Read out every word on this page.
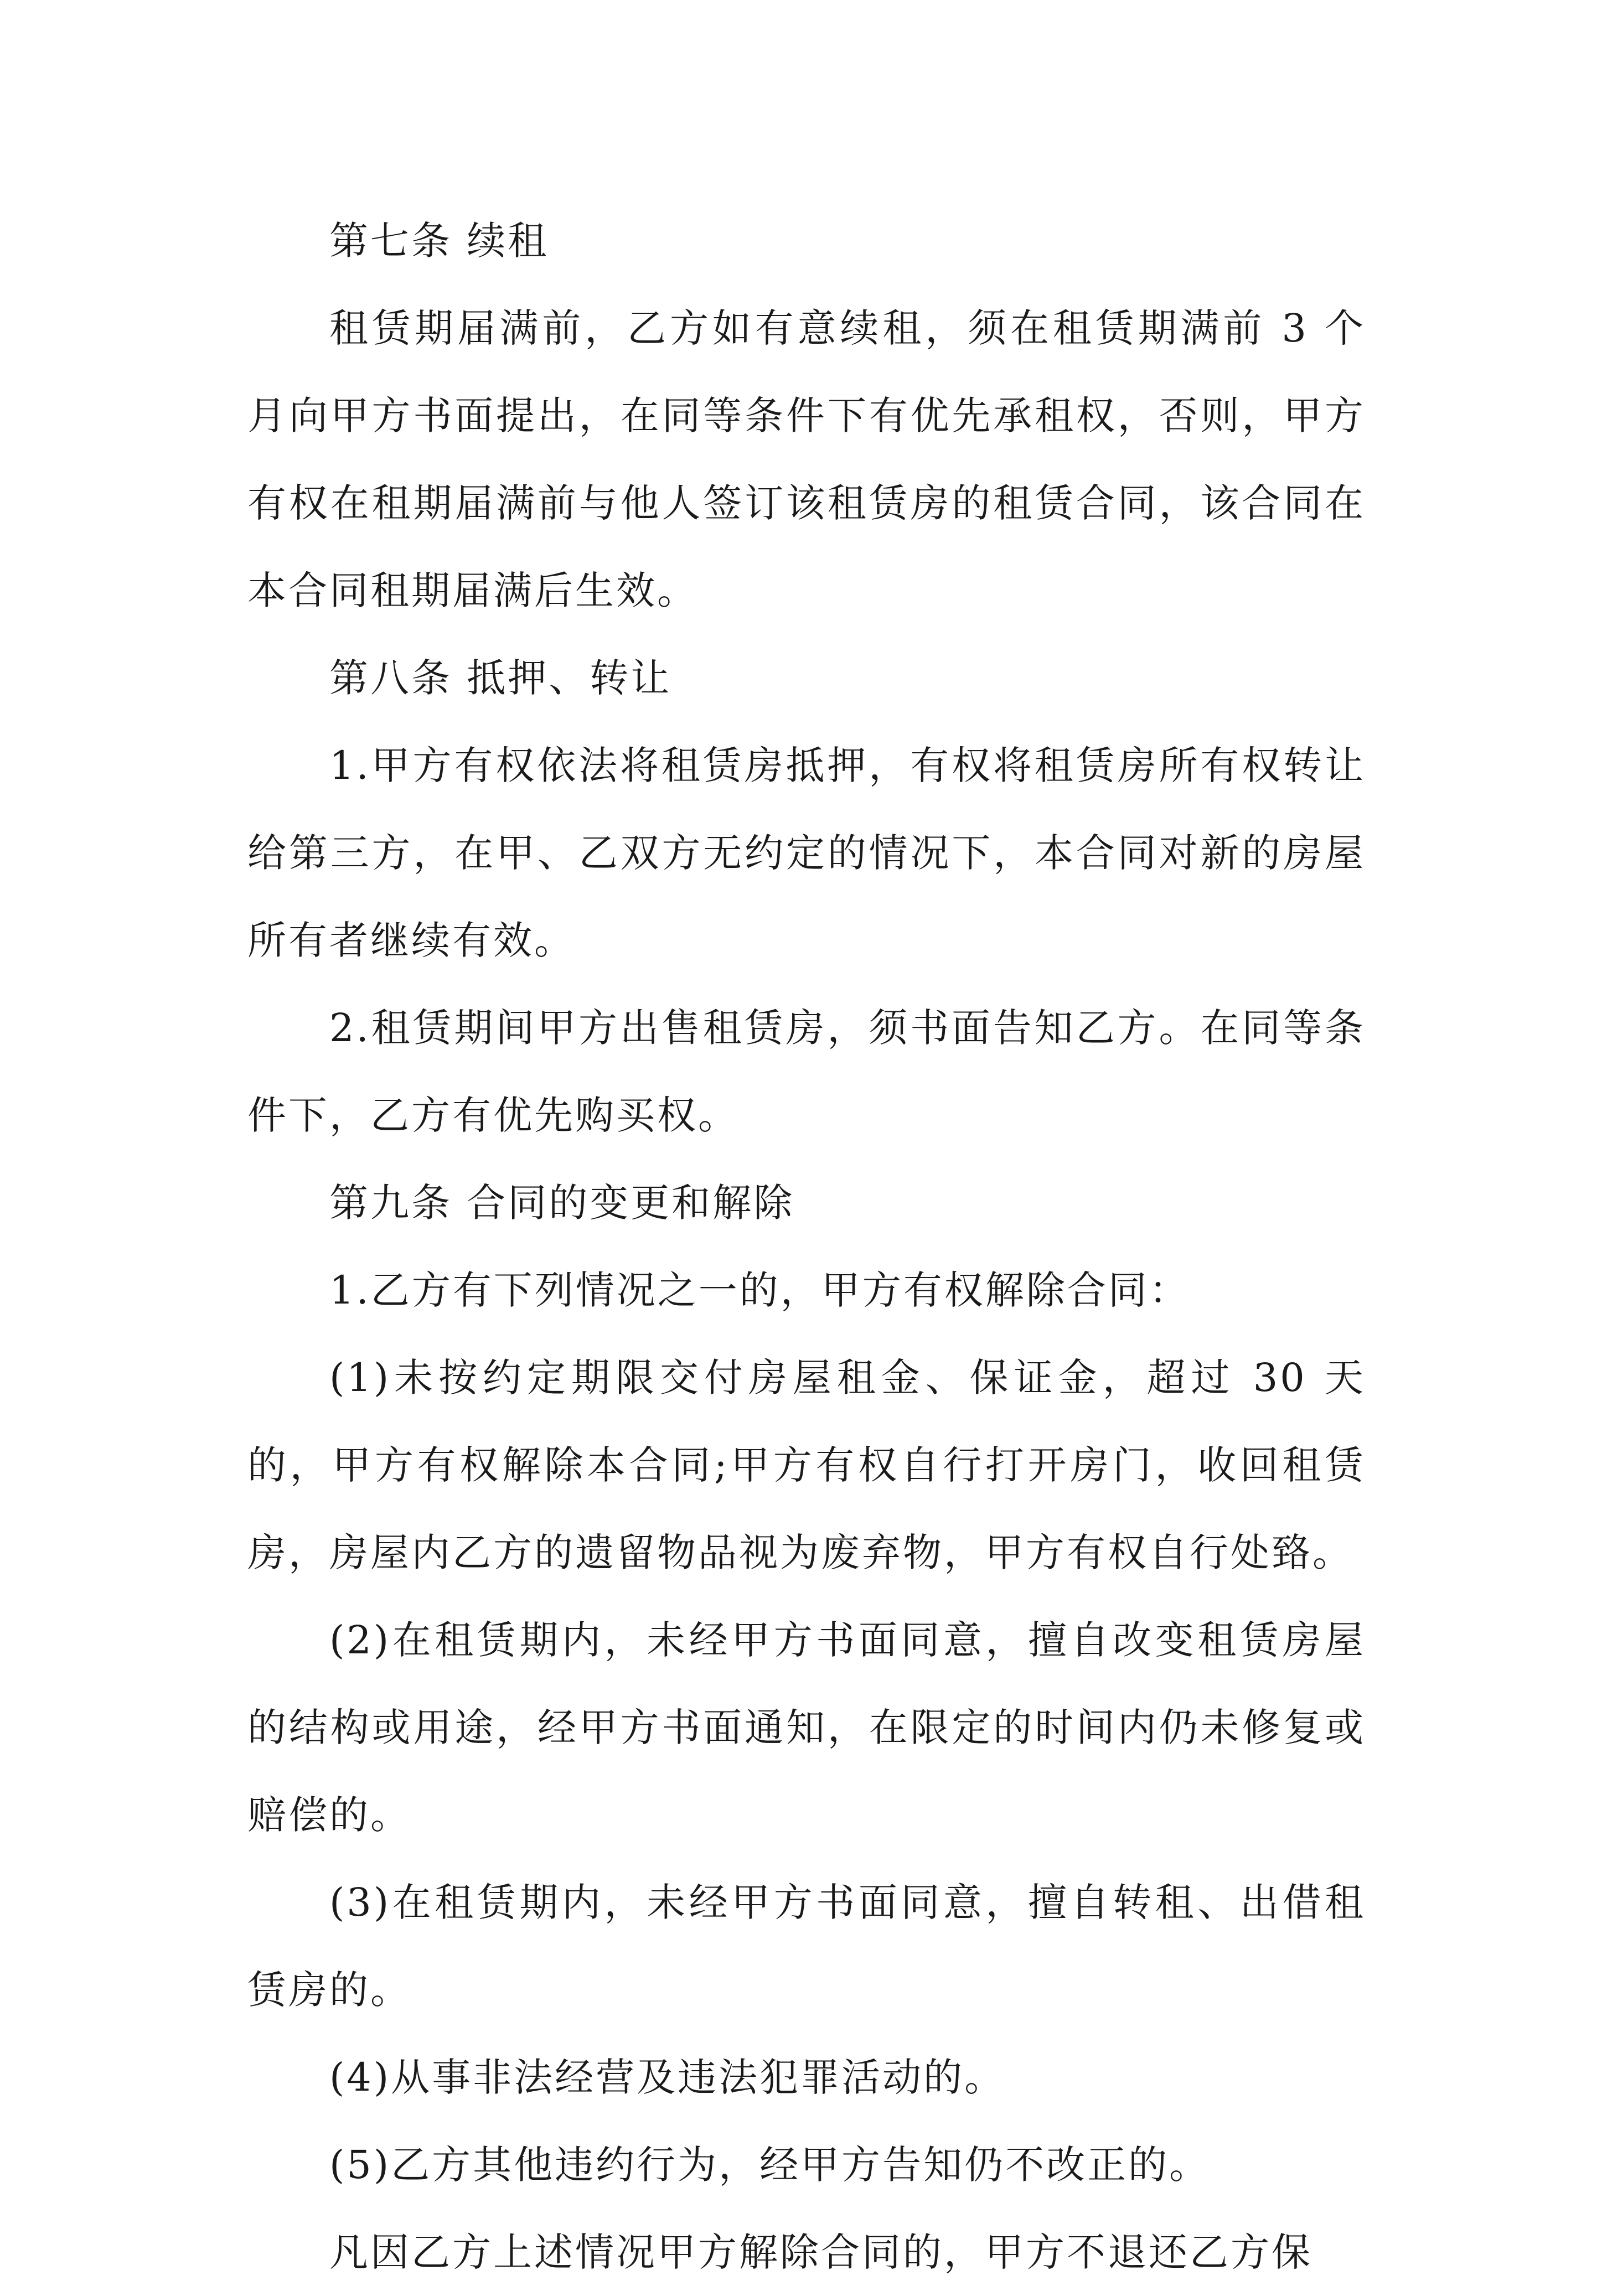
第七条 续租

租赁期届满前，乙方如有意续租，须在租赁期满前 3 个月向甲方书面提出，在同等条件下有优先承租权，否则，甲方有权在租期届满前与他人签订该租赁房的租赁合同，该合同在本合同租期届满后生效。

第八条 抵押、转让

1.甲方有权依法将租赁房抵押，有权将租赁房所有权转让给第三方，在甲、乙双方无约定的情况下，本合同对新的房屋所有者继续有效。

2.租赁期间甲方出售租赁房，须书面告知乙方。在同等条件下，乙方有优先购买权。

第九条 合同的变更和解除

1.乙方有下列情况之一的，甲方有权解除合同：

(1)未按约定期限交付房屋租金、保证金，超过 30 天的，甲方有权解除本合同;甲方有权自行打开房门，收回租赁房，房屋内乙方的遗留物品视为废弃物，甲方有权自行处臵。

(2)在租赁期内，未经甲方书面同意，擅自改变租赁房屋的结构或用途，经甲方书面通知，在限定的时间内仍未修复或赔偿的。

(3)在租赁期内，未经甲方书面同意，擅自转租、出借租赁房的。

(4)从事非法经营及违法犯罪活动的。

(5)乙方其他违约行为，经甲方告知仍不改正的。

凡因乙方上述情况甲方解除合同的，甲方不退还乙方保
